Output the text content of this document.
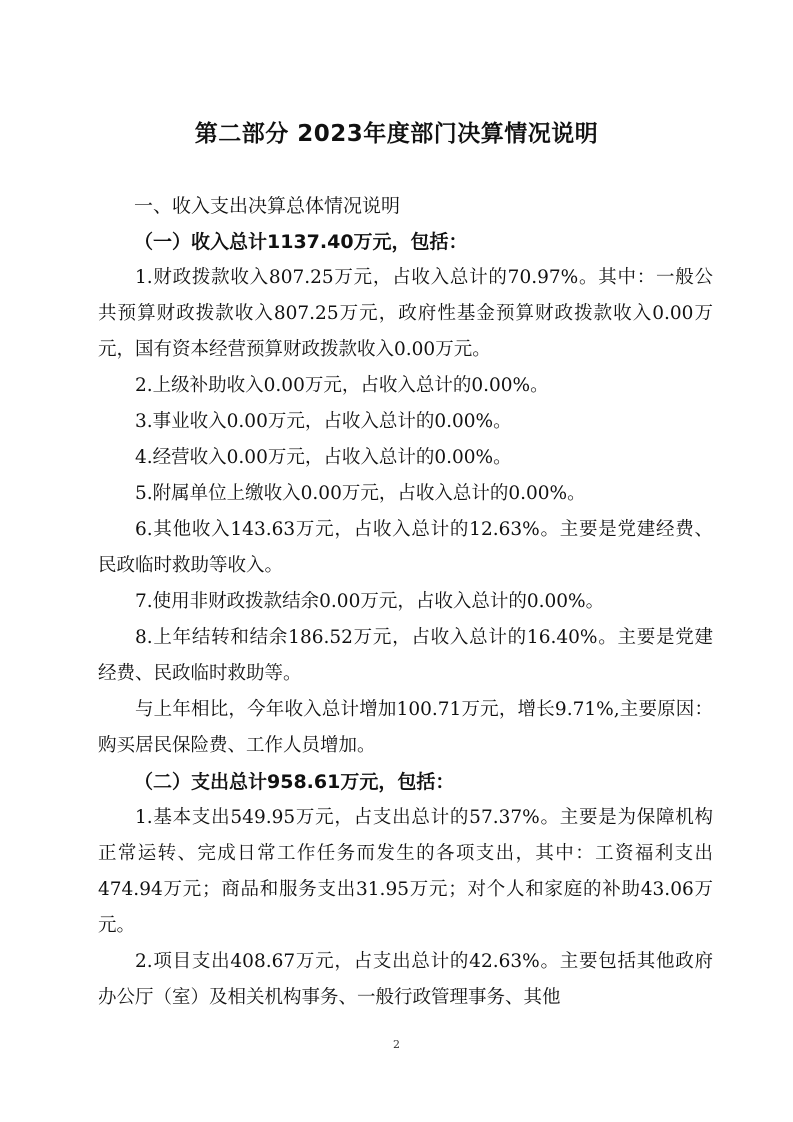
第二部分 2023年度部门决算情况说明

一、收入支出决算总体情况说明

（一）收入总计1137.40万元，包括：

1.财政拨款收入807.25万元，占收入总计的70.97%。其中：一般公共预算财政拨款收入807.25万元，政府性基金预算财政拨款收入0.00万元，国有资本经营预算财政拨款收入0.00万元。

2.上级补助收入0.00万元，占收入总计的0.00%。

3.事业收入0.00万元，占收入总计的0.00%。

4.经营收入0.00万元，占收入总计的0.00%。

5.附属单位上缴收入0.00万元，占收入总计的0.00%。

6.其他收入143.63万元，占收入总计的12.63%。主要是党建经费、民政临时救助等收入。

7.使用非财政拨款结余0.00万元，占收入总计的0.00%。

8.上年结转和结余186.52万元，占收入总计的16.40%。主要是党建经费、民政临时救助等。

与上年相比，今年收入总计增加100.71万元，增长9.71%,主要原因：购买居民保险费、工作人员增加。

（二）支出总计958.61万元，包括：

1.基本支出549.95万元，占支出总计的57.37%。主要是为保障机构正常运转、完成日常工作任务而发生的各项支出，其中：工资福利支出474.94万元；商品和服务支出31.95万元；对个人和家庭的补助43.06万元。

2.项目支出408.67万元，占支出总计的42.63%。主要包括其他政府办公厅（室）及相关机构事务、一般行政管理事务、其他

2
